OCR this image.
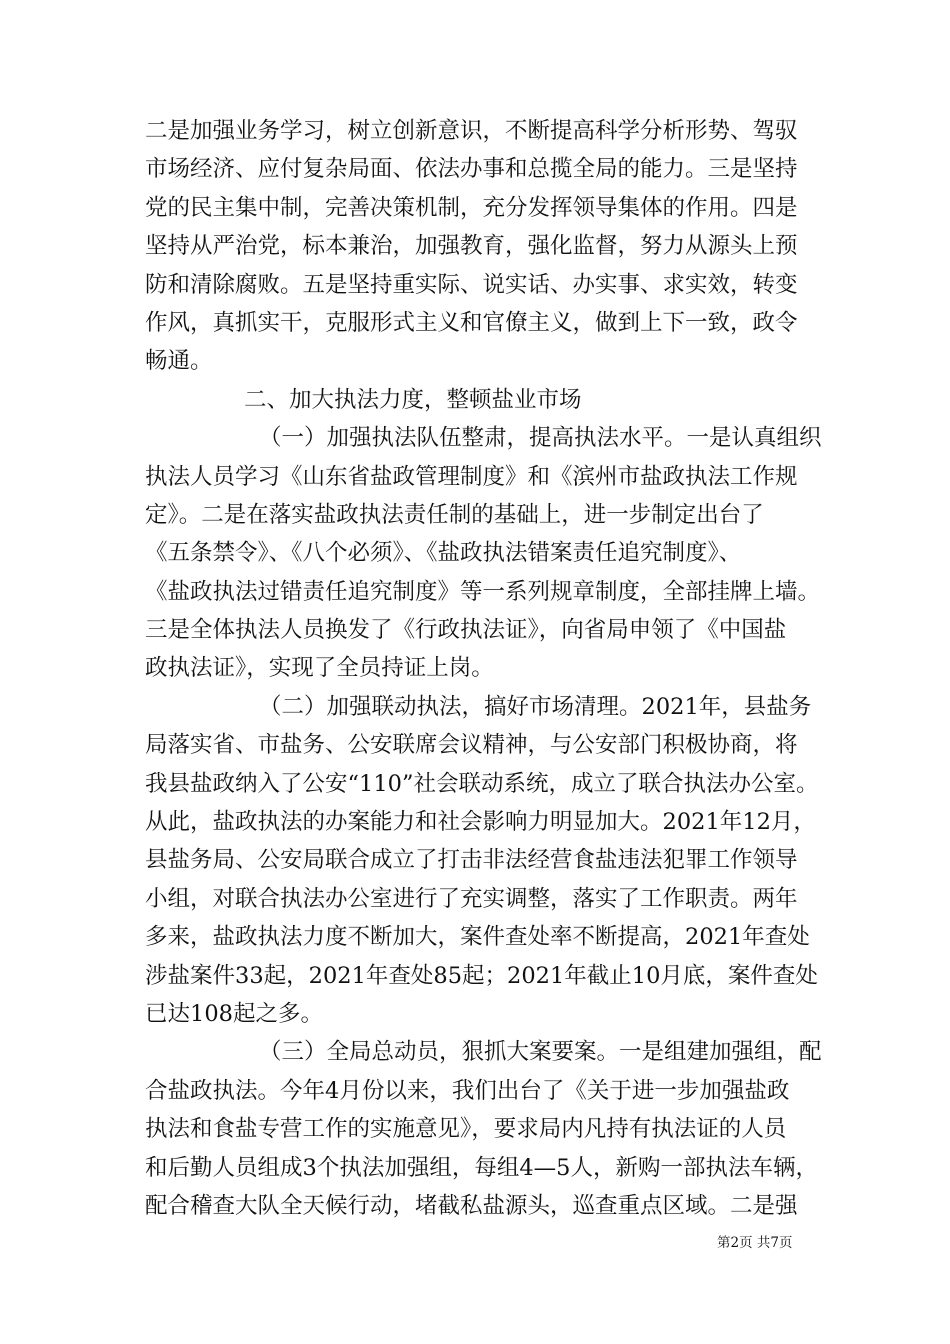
二是加强业务学习，树立创新意识，不断提高科学分析形势、驾驭
市场经济、应付复杂局面、依法办事和总揽全局的能力。三是坚持
党的民主集中制，完善决策机制，充分发挥领导集体的作用。四是
坚持从严治党，标本兼治，加强教育，强化监督，努力从源头上预
防和清除腐败。五是坚持重实际、说实话、办实事、求实效，转变
作风，真抓实干，克服形式主义和官僚主义，做到上下一致，政令
畅通。
二、加大执法力度，整顿盐业市场
（一）加强执法队伍整肃，提高执法水平。一是认真组织
执法人员学习《山东省盐政管理制度》和《滨州市盐政执法工作规
定》。二是在落实盐政执法责任制的基础上，进一步制定出台了
《五条禁令》、《八个必须》、《盐政执法错案责任追究制度》、
《盐政执法过错责任追究制度》等一系列规章制度，全部挂牌上墙。
三是全体执法人员换发了《行政执法证》，向省局申领了《中国盐
政执法证》，实现了全员持证上岗。
（二）加强联动执法，搞好市场清理。2021年，县盐务
局落实省、市盐务、公安联席会议精神，与公安部门积极协商，将
我县盐政纳入了公安“110”社会联动系统，成立了联合执法办公室。
从此，盐政执法的办案能力和社会影响力明显加大。2021年12月，
县盐务局、公安局联合成立了打击非法经营食盐违法犯罪工作领导
小组，对联合执法办公室进行了充实调整，落实了工作职责。两年
多来，盐政执法力度不断加大，案件查处率不断提高，2021年查处
涉盐案件33起，2021年查处85起；2021年截止10月底，案件查处
已达108起之多。
（三）全局总动员，狠抓大案要案。一是组建加强组，配
合盐政执法。今年4月份以来，我们出台了《关于进一步加强盐政
执法和食盐专营工作的实施意见》，要求局内凡持有执法证的人员
和后勤人员组成3个执法加强组，每组4—5人，新购一部执法车辆，
配合稽查大队全天候行动，堵截私盐源头，巡查重点区域。二是强
第2页 共7页
